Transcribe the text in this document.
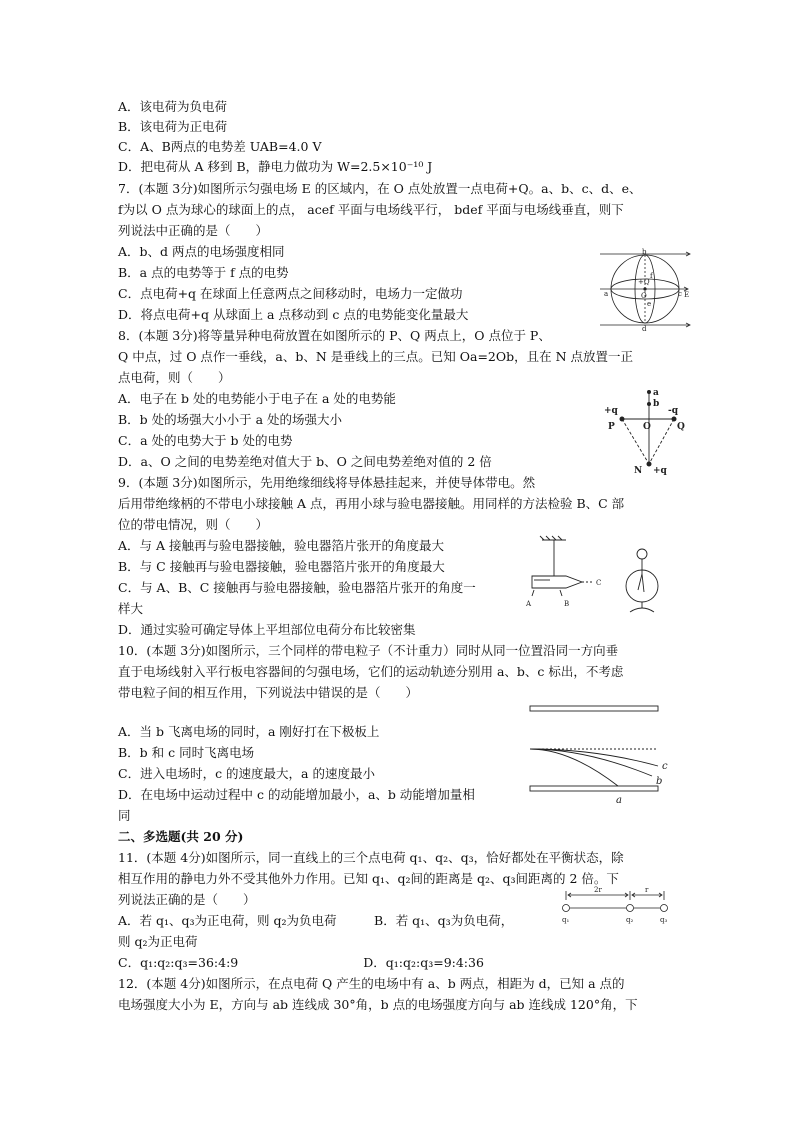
A．该电荷为负电荷
B．该电荷为正电荷
C．A、B两点的电势差 UAB=4.0 V
D．把电荷从 A 移到 B，静电力做功为 W=2.5×10⁻¹⁰ J
7．(本题 3分)如图所示匀强电场 E 的区域内，在 O 点处放置一点电荷+Q。a、b、c、d、e、
f为以 O 点为球心的球面上的点， acef 平面与电场线平行， bdef 平面与电场线垂直，则下
列说法中正确的是（　　）
A．b、d 两点的电场强度相同
B．a 点的电势等于 f 点的电势
C．点电荷+q 在球面上任意两点之间移动时，电场力一定做功
D．将点电荷+q 从球面上 a 点移动到 c 点的电势能变化量最大
8．(本题 3分)将等量异种电荷放置在如图所示的 P、Q 两点上，O 点位于 P、
Q 中点，过 O 点作一垂线，a、b、N 是垂线上的三点。已知 Oa=2Ob，且在 N 点放置一正
点电荷，则（　　）
A．电子在 b 处的电势能小于电子在 a 处的电势能
B．b 处的场强大小小于 a 处的场强大小
C．a 处的电势大于 b 处的电势
D．a、O 之间的电势差绝对值大于 b、O 之间电势差绝对值的 2 倍
9．(本题 3分)如图所示，先用绝缘细线将导体悬挂起来，并使导体带电。然
后用带绝缘柄的不带电小球接触 A 点，再用小球与验电器接触。用同样的方法检验 B、C 部
位的带电情况，则（　　）
A．与 A 接触再与验电器接触，验电器箔片张开的角度最大
B．与 C 接触再与验电器接触，验电器箔片张开的角度最大
C．与 A、B、C 接触再与验电器接触，验电器箔片张开的角度一
样大
D．通过实验可确定导体上平坦部位电荷分布比较密集
10．(本题 3分)如图所示，三个同样的带电粒子（不计重力）同时从同一位置沿同一方向垂
直于电场线射入平行板电容器间的匀强电场，它们的运动轨迹分别用 a、b、c 标出，不考虑
带电粒子间的相互作用，下列说法中错误的是（　　）
A．当 b 飞离电场的同时，a 刚好打在下极板上
B．b 和 c 同时飞离电场
C．进入电场时，c 的速度最大，a 的速度最小
D．在电场中运动过程中 c 的动能增加最小，a、b 动能增加量相
同
二、多选题(共 20 分)
11．(本题 4分)如图所示，同一直线上的三个点电荷 q₁、q₂、q₃，恰好都处在平衡状态，除
相互作用的静电力外不受其他外力作用。已知 q₁、q₂间的距离是 q₂、q₃间距离的 2 倍。下
列说法正确的是（　　）
A．若 q₁、q₃为正电荷，则 q₂为负电荷　　　B．若 q₁、q₃为负电荷，
则 q₂为正电荷
C．q₁:q₂:q₃=36:4:9　　　　　　　　　　D．q₁:q₂:q₃=9:4:36
12．(本题 4分)如图所示，在点电荷 Q 产生的电场中有 a、b 两点，相距为 d，已知 a 点的
电场强度大小为 E，方向与 ab 连线成 30°角，b 点的电场强度方向与 ab 连线成 120°角，下
b
d
a	c
+Q
O
f
e
E
a
b
+q	-q
P	O	Q
N +q
A	B
C
c
b
a
2r	r
q₁	q₂	q₃
